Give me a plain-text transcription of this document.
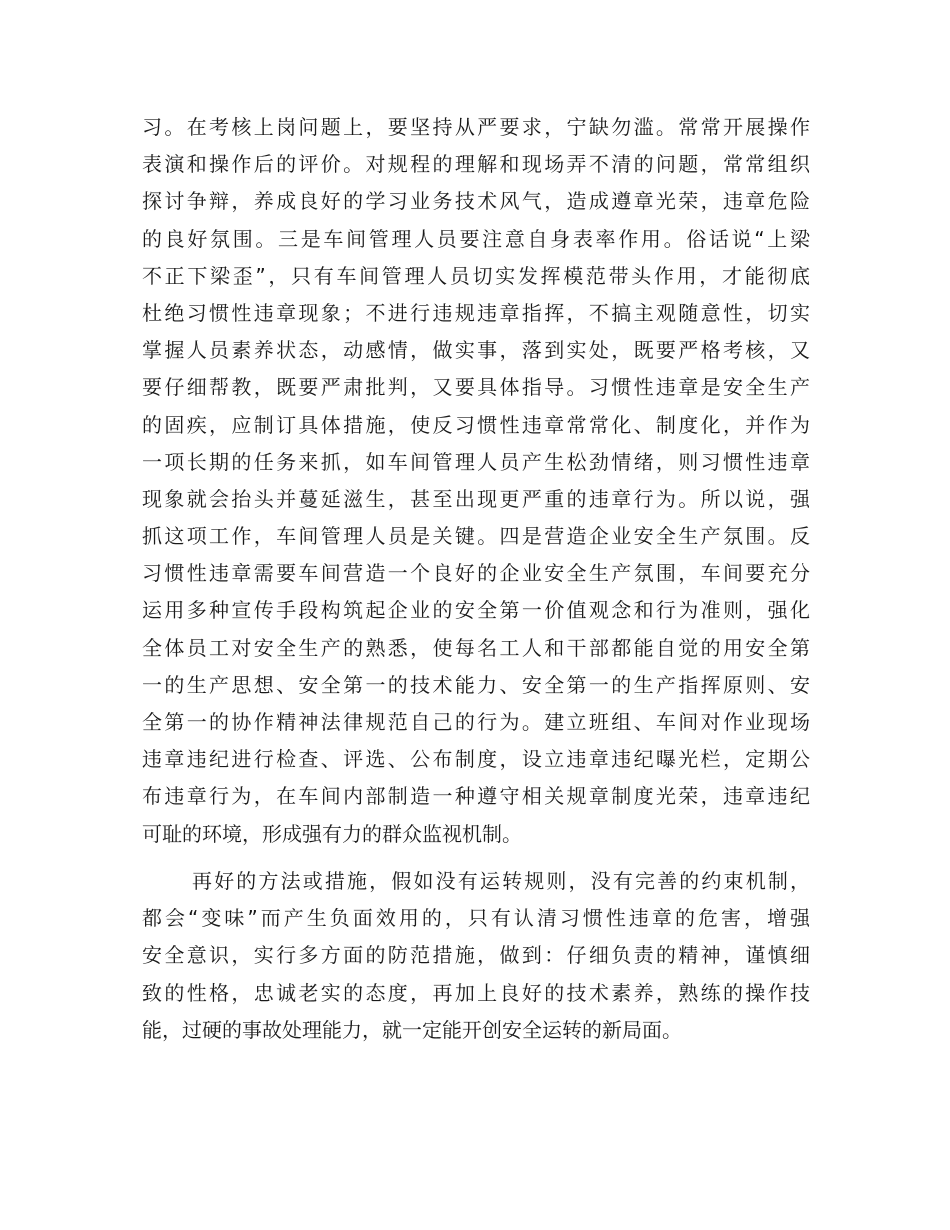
习。在考核上岗问题上，要坚持从严要求，宁缺勿滥。常常开展操作
表演和操作后的评价。对规程的理解和现场弄不清的问题，常常组织
探讨争辩，养成良好的学习业务技术风气，造成遵章光荣，违章危险
的良好氛围。三是车间管理人员要注意自身表率作用。俗话说“上梁
不正下梁歪”，只有车间管理人员切实发挥模范带头作用，才能彻底
杜绝习惯性违章现象；不进行违规违章指挥，不搞主观随意性，切实
掌握人员素养状态，动感情，做实事，落到实处，既要严格考核，又
要仔细帮教，既要严肃批判，又要具体指导。习惯性违章是安全生产
的固疾，应制订具体措施，使反习惯性违章常常化、制度化，并作为
一项长期的任务来抓，如车间管理人员产生松劲情绪，则习惯性违章
现象就会抬头并蔓延滋生，甚至出现更严重的违章行为。所以说，强
抓这项工作，车间管理人员是关键。四是营造企业安全生产氛围。反
习惯性违章需要车间营造一个良好的企业安全生产氛围，车间要充分
运用多种宣传手段构筑起企业的安全第一价值观念和行为准则，强化
全体员工对安全生产的熟悉，使每名工人和干部都能自觉的用安全第
一的生产思想、安全第一的技术能力、安全第一的生产指挥原则、安
全第一的协作精神法律规范自己的行为。建立班组、车间对作业现场
违章违纪进行检查、评选、公布制度，设立违章违纪曝光栏，定期公
布违章行为，在车间内部制造一种遵守相关规章制度光荣，违章违纪
可耻的环境，形成强有力的群众监视机制。

再好的方法或措施，假如没有运转规则，没有完善的约束机制，
都会“变味”而产生负面效用的，只有认清习惯性违章的危害，增强
安全意识，实行多方面的防范措施，做到：仔细负责的精神，谨慎细
致的性格，忠诚老实的态度，再加上良好的技术素养，熟练的操作技
能，过硬的事故处理能力，就一定能开创安全运转的新局面。
